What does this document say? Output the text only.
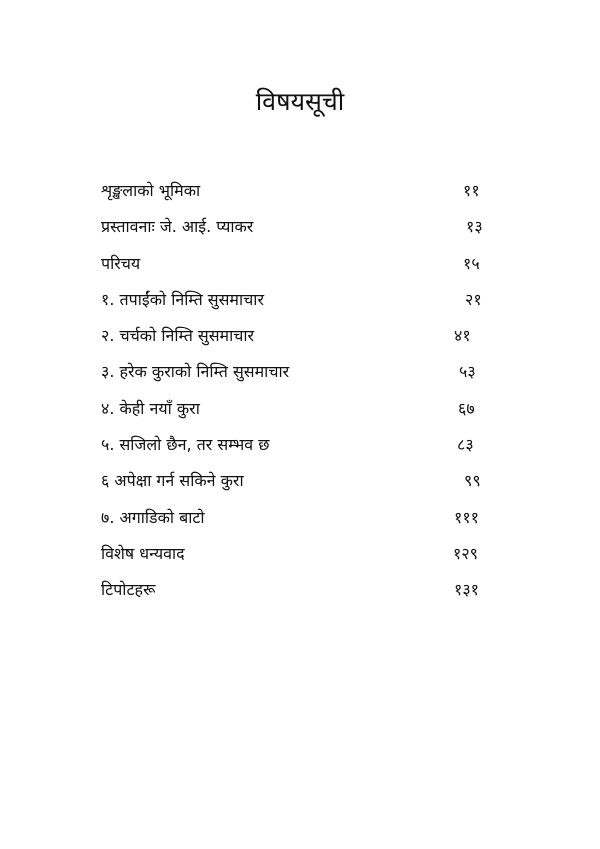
विषयसूची
शृङ्खलाको भूमिका	११
प्रस्तावनाः जे. आई. प्याकर	१३
परिचय	१५
१. तपाईंको निम्ति सुसमाचार	२१
२. चर्चको निम्ति सुसमाचार	४१
३. हरेक कुराको निम्ति सुसमाचार	५३
४. केही नयाँ कुरा	६७
५. सजिलो छैन, तर सम्भव छ	८३
६ अपेक्षा गर्न सकिने कुरा	९९
७. अगाडिको बाटो	१११
विशेष धन्यवाद	१२९
टिपोटहरू	१३१
